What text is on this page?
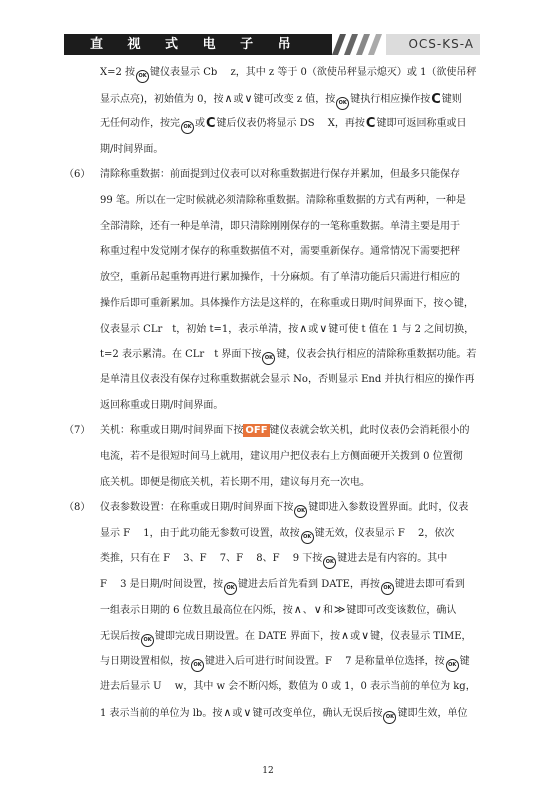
直 视 式 电 子 吊 秤
OCS-KS-A
X=2 按 OK 键仪表显示 Cb　 z，其中 z 等于 0（欲使吊秤显示熄灭）或 1（欲使吊秤
显示点亮)，初始值为 0，按∧或∨键可改变 z 值，按 OK 键执行相应操作按C键则
无任何动作，按完 OK 或C键后仪表仍将显示 DS　 X，再按C键即可返回称重或日
期/时间界面。
（6） 清除称重数据：前面提到过仪表可以对称重数据进行保存并累加，但最多只能保存
99 笔。所以在一定时候就必须清除称重数据。清除称重数据的方式有两种，一种是
全部清除，还有一种是单清，即只清除刚刚保存的一笔称重数据。单清主要是用于
称重过程中发觉刚才保存的称重数据值不对，需要重新保存。通常情况下需要把秤
放空，重新吊起重物再进行累加操作，十分麻烦。有了单清功能后只需进行相应的
操作后即可重新累加。具体操作方法是这样的，在称重或日期/时间界面下，按◇键，
仪表显示 CLr　t，初始 t=1，表示单清，按∧或∨键可使 t 值在 1 与 2 之间切换，
t=2 表示累清。在 CLr　t 界面下按 OK 键，仪表会执行相应的清除称重数据功能。若
是单清且仪表没有保存过称重数据就会显示 No，否则显示 End 并执行相应的操作再
返回称重或日期/时间界面。
（7） 关机：称重或日期/时间界面下按 OFF 键仪表就会软关机，此时仪表仍会消耗很小的
电流，若不是很短时间马上就用，建议用户把仪表右上方侧面硬开关拨到 0 位置彻
底关机。即便是彻底关机，若长期不用，建议每月充一次电。
（8） 仪表参数设置：在称重或日期/时间界面下按 OK 键即进入参数设置界面。此时，仪表
显示 F　 1，由于此功能无参数可设置，故按 OK 键无效，仪表显示 F　 2，依次
类推，只有在 F　 3、F　 7、F　 8、F　 9 下按 OK 键进去是有内容的。其中
F　 3 是日期/时间设置，按 OK 键进去后首先看到 DATE，再按 OK 键进去即可看到
一组表示日期的 6 位数且最高位在闪烁，按∧、∨和≫键即可改变该数位，确认
无误后按 OK 键即完成日期设置。在 DATE 界面下，按∧或∨键，仪表显示 TIME，
与日期设置相似，按 OK 键进入后可进行时间设置。F　 7 是称量单位选择，按 OK 键
进去后显示 U　 w，其中 w 会不断闪烁，数值为 0 或 1，0 表示当前的单位为 kg，
1 表示当前的单位为 lb。按∧或∨键可改变单位，确认无误后按 OK 键即生效，单位
12
